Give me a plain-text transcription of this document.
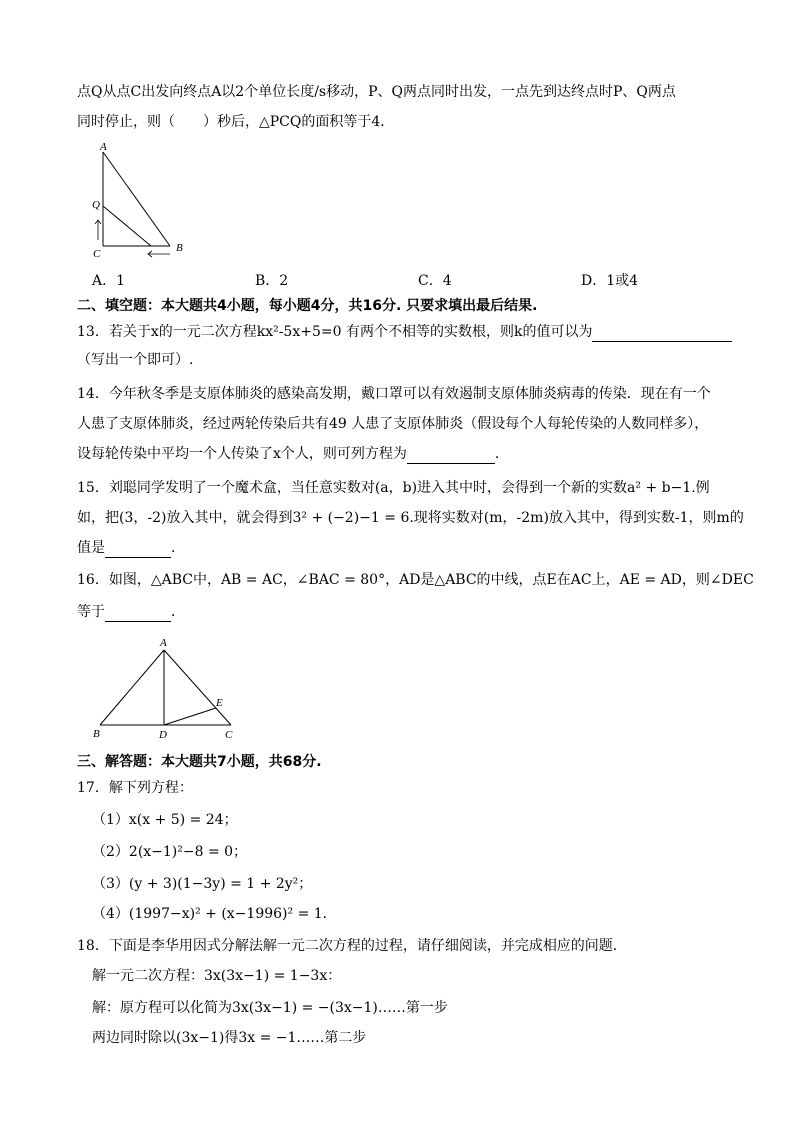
点Q从点C出发向终点A以2个单位长度/s移动，P、Q两点同时出发，一点先到达终点时P、Q两点
同时停止，则（　　）秒后，△PCQ的面积等于4．
A
Q
C	B
A．1	B．2	C．4	D．1或4
二、填空题：本大题共4小题，每小题4分，共16分. 只要求填出最后结果.
13．若关于x的一元二次方程kx²-5x+5=0 有两个不相等的实数根，则k的值可以为
（写出一个即可）.
14．今年秋冬季是支原体肺炎的感染高发期，戴口罩可以有效遏制支原体肺炎病毒的传染．现在有一个
人患了支原体肺炎，经过两轮传染后共有49 人患了支原体肺炎（假设每个人每轮传染的人数同样多），
设每轮传染中平均一个人传染了x个人，则可列方程为	．
15．刘聪同学发明了一个魔术盒，当任意实数对(a，b)进入其中时，会得到一个新的实数a² + b−1.例
如，把(3，-2)放入其中，就会得到3² + (−2)−1 = 6.现将实数对(m，-2m)放入其中，得到实数-1，则m的
值是	.
16．如图，△ABC中，AB = AC，∠BAC = 80°，AD是△ABC的中线，点E在AC上，AE = AD，则∠DEC
等于	．
A
B	D	C
E
三、解答题：本大题共7小题，共68分.
17．解下列方程：
（1）x(x + 5) = 24；
（2）2(x−1)²−8 = 0；
（3）(y + 3)(1−3y) = 1 + 2y²；
（4）(1997−x)² + (x−1996)² = 1．
18．下面是李华用因式分解法解一元二次方程的过程，请仔细阅读，并完成相应的问题．
解一元二次方程：3x(3x−1) = 1−3x：
解：原方程可以化简为3x(3x−1) = −(3x−1)……第一步
两边同时除以(3x−1)得3x = −1……第二步
